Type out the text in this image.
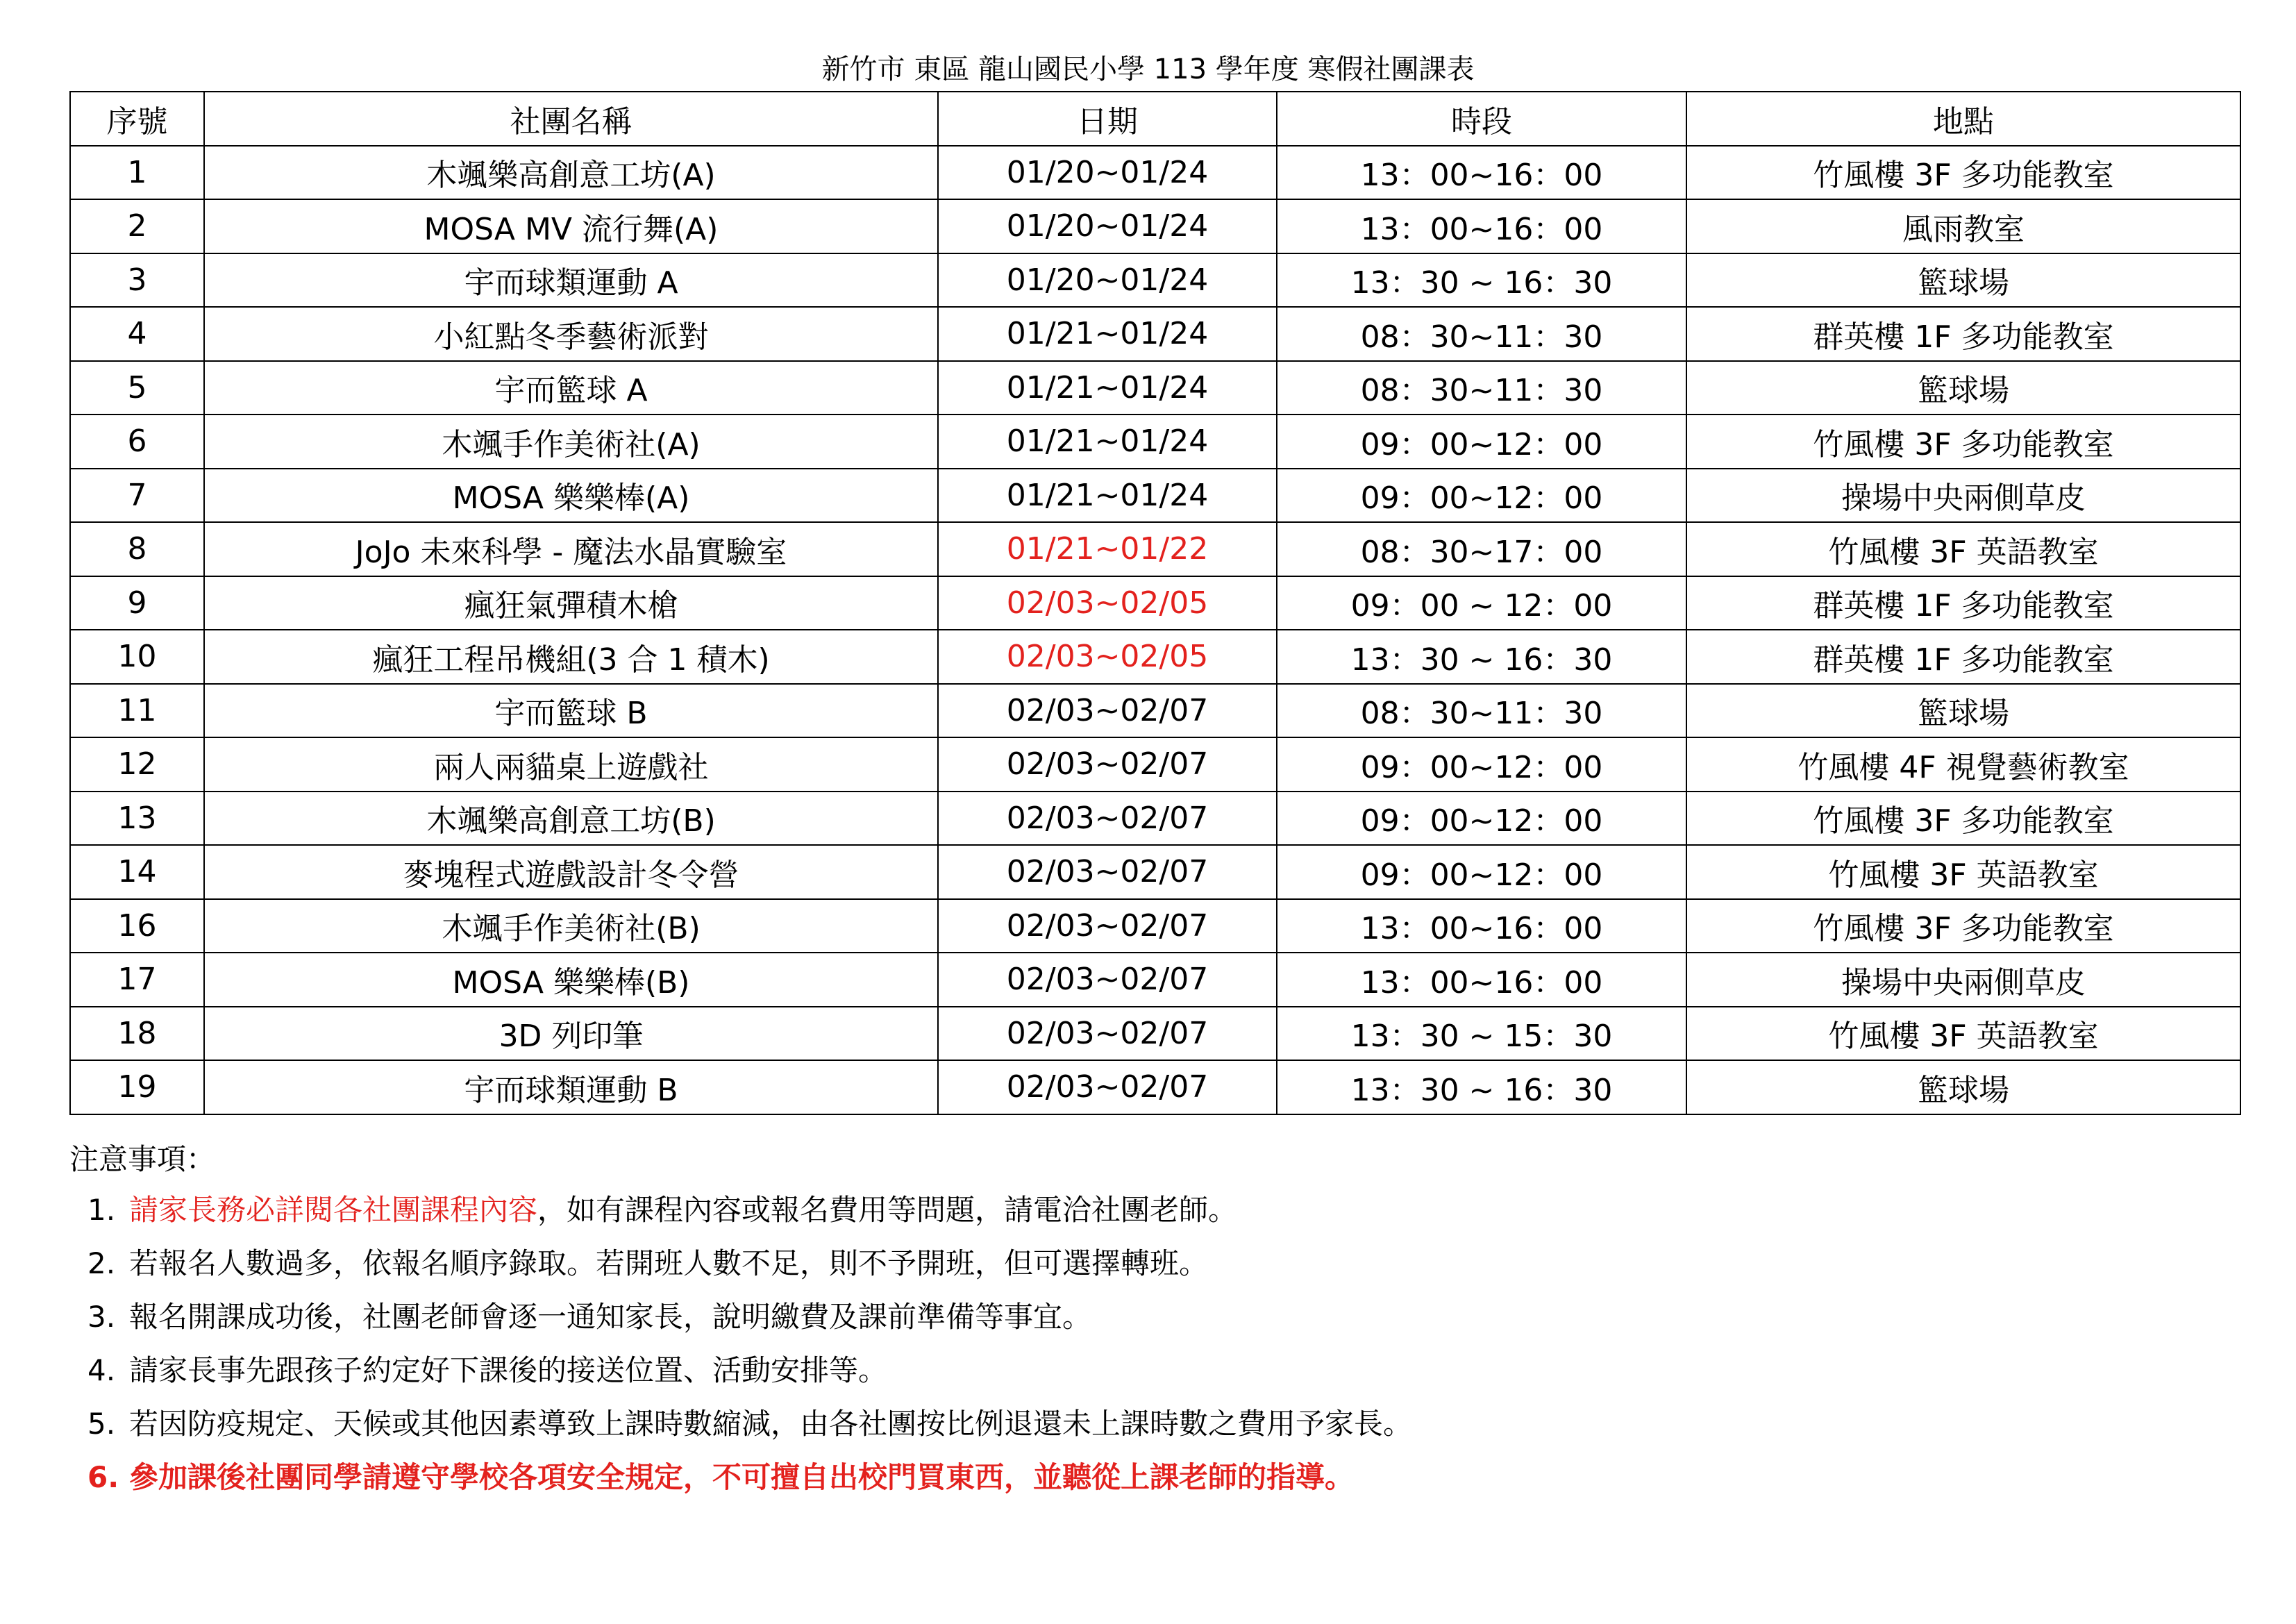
新竹市 東區 龍山國民小學 113 學年度 寒假社團課表
序號	社團名稱	日期	時段	地點
1	木颯樂高創意工坊(A)	01/20~01/24	13：00~16：00	竹風樓 3F 多功能教室
2	MOSA MV 流行舞(A)	01/20~01/24	13：00~16：00	風雨教室
3	宇而球類運動 A	01/20~01/24	13：30 ~ 16：30	籃球場
4	小紅點冬季藝術派對	01/21~01/24	08：30~11：30	群英樓 1F 多功能教室
5	宇而籃球 A	01/21~01/24	08：30~11：30	籃球場
6	木颯手作美術社(A)	01/21~01/24	09：00~12：00	竹風樓 3F 多功能教室
7	MOSA 樂樂棒(A)	01/21~01/24	09：00~12：00	操場中央兩側草皮
8	JoJo 未來科學 - 魔法水晶實驗室	01/21~01/22	08：30~17：00	竹風樓 3F 英語教室
9	瘋狂氣彈積木槍	02/03~02/05	09：00 ~ 12：00	群英樓 1F 多功能教室
10	瘋狂工程吊機組(3 合 1 積木)	02/03~02/05	13：30 ~ 16：30	群英樓 1F 多功能教室
11	宇而籃球 B	02/03~02/07	08：30~11：30	籃球場
12	兩人兩貓桌上遊戲社	02/03~02/07	09：00~12：00	竹風樓 4F 視覺藝術教室
13	木颯樂高創意工坊(B)	02/03~02/07	09：00~12：00	竹風樓 3F 多功能教室
14	麥塊程式遊戲設計冬令營	02/03~02/07	09：00~12：00	竹風樓 3F 英語教室
16	木颯手作美術社(B)	02/03~02/07	13：00~16：00	竹風樓 3F 多功能教室
17	MOSA 樂樂棒(B)	02/03~02/07	13：00~16：00	操場中央兩側草皮
18	3D 列印筆	02/03~02/07	13：30 ~ 15：30	竹風樓 3F 英語教室
19	宇而球類運動 B	02/03~02/07	13：30 ~ 16：30	籃球場
注意事項：
1. 請家長務必詳閱各社團課程內容，如有課程內容或報名費用等問題，請電洽社團老師。
2. 若報名人數過多，依報名順序錄取。若開班人數不足，則不予開班，但可選擇轉班。
3. 報名開課成功後，社團老師會逐一通知家長，說明繳費及課前準備等事宜。
4. 請家長事先跟孩子約定好下課後的接送位置、活動安排等。
5. 若因防疫規定、天候或其他因素導致上課時數縮減，由各社團按比例退還未上課時數之費用予家長。
6. 參加課後社團同學請遵守學校各項安全規定，不可擅自出校門買東西，並聽從上課老師的指導。
